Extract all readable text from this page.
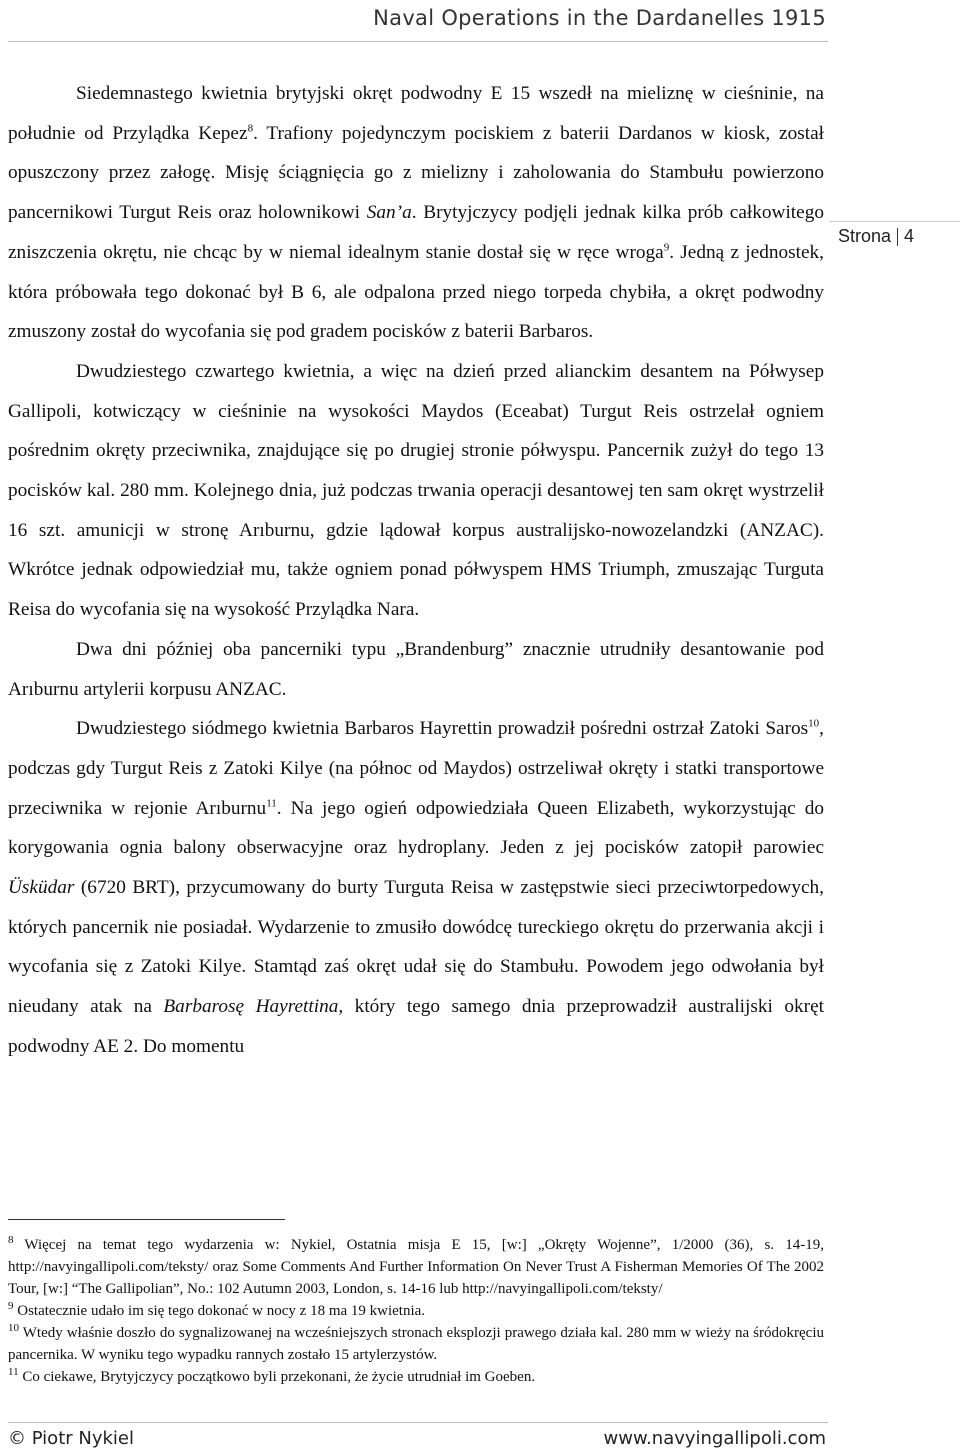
Naval Operations in the Dardanelles 1915
Strona 4

Siedemnastego kwietnia brytyjski okręt podwodny E 15 wszedł na mieliznę w cieśninie, na południe od Przylądka Kepez$^8$. Trafiony pojedynczym pociskiem z baterii Dardanos w kiosk, został opuszczony przez załogę. Misję ściągnięcia go z mielizny i zaholowania do Stambułu powierzono pancernikowi Turgut Reis oraz holownikowi San’a. Brytyjczycy podjęli jednak kilka prób całkowitego zniszczenia okrętu, nie chcąc by w niemal idealnym stanie dostał się w ręce wroga$^9$. Jedną z jednostek, która próbowała tego dokonać był B 6, ale odpalona przed niego torpeda chybiła, a okręt podwodny zmuszony został do wycofania się pod gradem pocisków z baterii Barbaros.

Dwudziestego czwartego kwietnia, a więc na dzień przed alianckim desantem na Półwysep Gallipoli, kotwiczący w cieśninie na wysokości Maydos (Eceabat) Turgut Reis ostrzelał ogniem pośrednim okręty przeciwnika, znajdujące się po drugiej stronie półwyspu. Pancernik zużył do tego 13 pocisków kal. 280 mm. Kolejnego dnia, już podczas trwania operacji desantowej ten sam okręt wystrzelił 16 szt. amunicji w stronę Arıburnu, gdzie lądował korpus australijsko-nowozelandzki (ANZAC). Wkrótce jednak odpowiedział mu, także ogniem ponad półwyspem HMS Triumph, zmuszając Turguta Reisa do wycofania się na wysokość Przylądka Nara.

Dwa dni później oba pancerniki typu „Brandenburg” znacznie utrudniły desantowanie pod Arıburnu artylerii korpusu ANZAC.

Dwudziestego siódmego kwietnia Barbaros Hayrettin prowadził pośredni ostrzał Zatoki Saros$^{10}$, podczas gdy Turgut Reis z Zatoki Kilye (na północ od Maydos) ostrzeliwał okręty i statki transportowe przeciwnika w rejonie Arıburnu$^{11}$. Na jego ogień odpowiedziała Queen Elizabeth, wykorzystując do korygowania ognia balony obserwacyjne oraz hydroplany. Jeden z jej pocisków zatopił parowiec Üsküdar (6720 BRT), przycumowany do burty Turguta Reisa w zastępstwie sieci przeciwtorpedowych, których pancernik nie posiadał. Wydarzenie to zmusiło dowódcę tureckiego okrętu do przerwania akcji i wycofania się z Zatoki Kilye. Stamtąd zaś okręt udał się do Stambułu. Powodem jego odwołania był nieudany atak na Barbarosę Hayrettina, który tego samego dnia przeprowadził australijski okręt podwodny AE 2. Do momentu

$^8$ Więcej na temat tego wydarzenia w: Nykiel, Ostatnia misja E 15, [w:] „Okręty Wojenne”, 1/2000 (36), s. 14-19, http://navyingallipoli.com/teksty/ oraz Some Comments And Further Information On Never Trust A Fisherman Memories Of The 2002 Tour, [w:] “The Gallipolian”, No.: 102 Autumn 2003, London, s. 14-16 lub http://navyingallipoli.com/teksty/

$^9$ Ostatecznie udało im się tego dokonać w nocy z 18 ma 19 kwietnia.

$^{10}$ Wtedy właśnie doszło do sygnalizowanej na wcześniejszych stronach eksplozji prawego działa kal. 280 mm w wieży na śródokręciu pancernika. W wyniku tego wypadku rannych zostało 15 artylerzystów.

$^{11}$ Co ciekawe, Brytyjczycy początkowo byli przekonani, że życie utrudniał im Goeben.

© Piotr Nykiel	www.navyingallipoli.com
